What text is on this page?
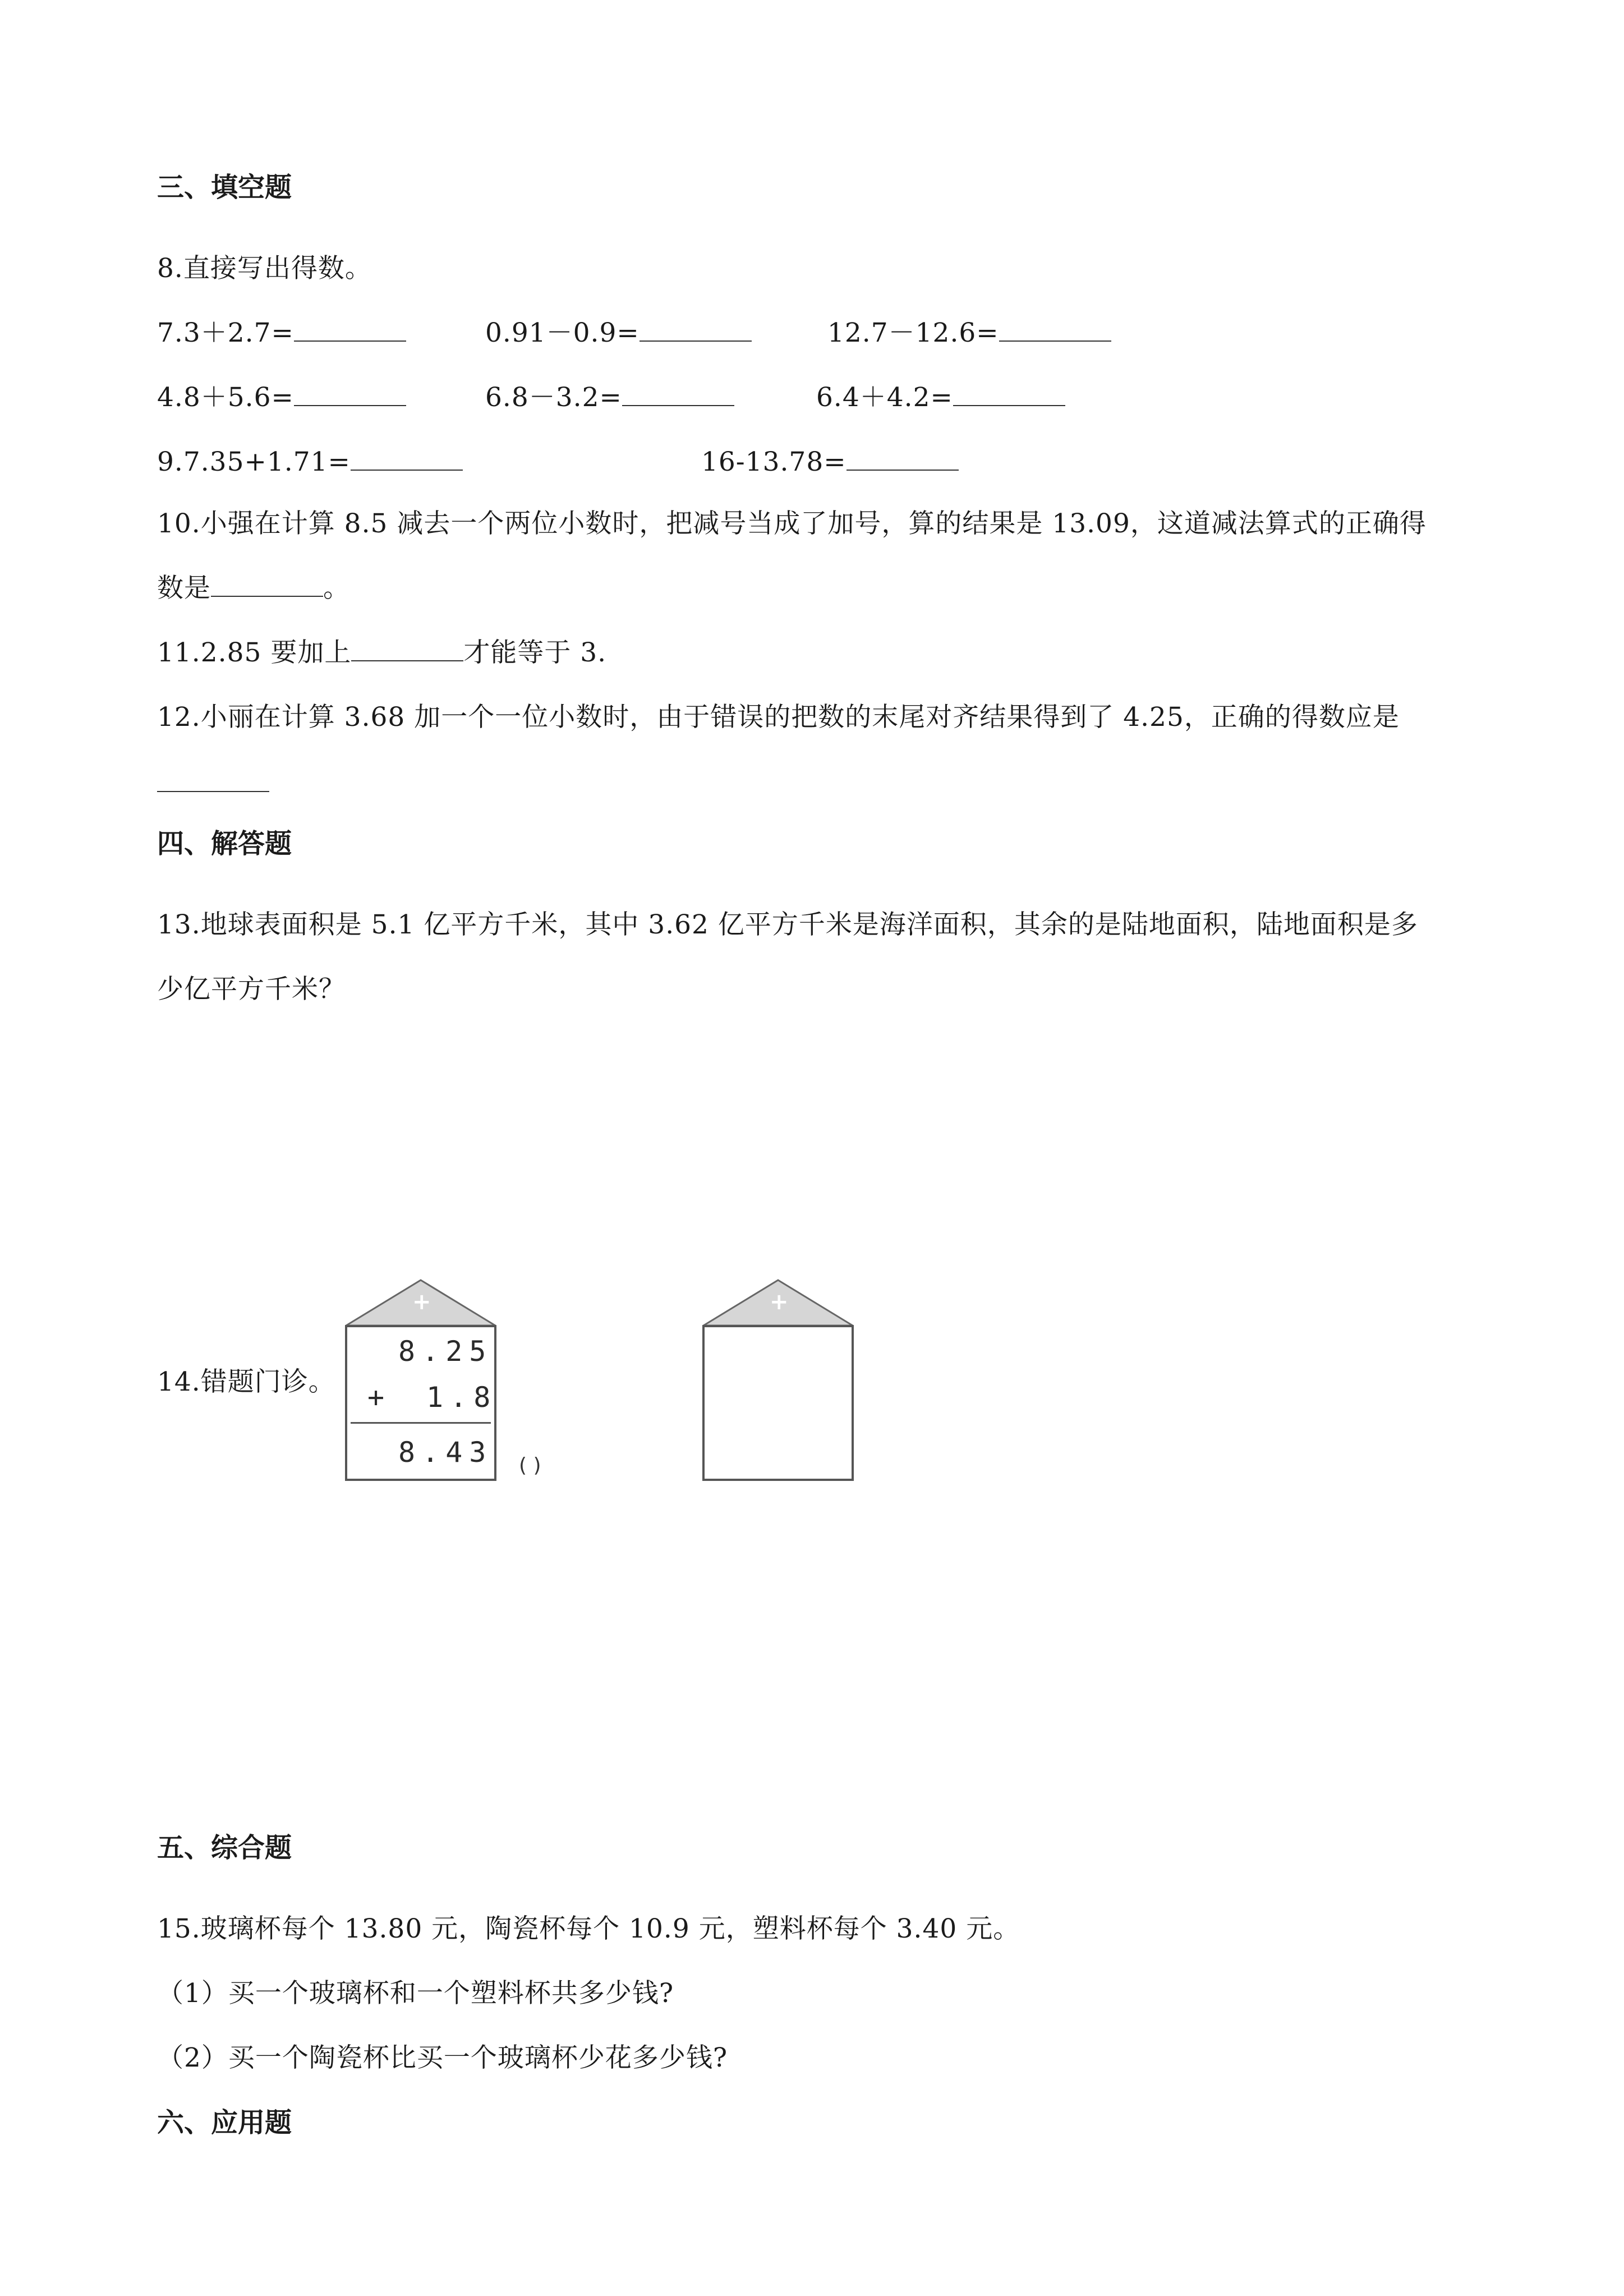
三、填空题
8.直接写出得数。
7.3＋2.7=	0.91－0.9=	12.7－12.6=
4.8＋5.6=	6.8－3.2=	6.4＋4.2=
9.7.35+1.71=	16-13.78=
10.小强在计算 8.5 减去一个两位小数时，把减号当成了加号，算的结果是 13.09，这道减法算式的正确得
数是	。
11.2.85 要加上	才能等于 3.
12.小丽在计算 3.68 加一个一位小数时，由于错误的把数的末尾对齐结果得到了 4.25，正确的得数应是
四、解答题
13.地球表面积是 5.1 亿平方千米，其中 3.62 亿平方千米是海洋面积，其余的是陆地面积，陆地面积是多
少亿平方千米？
14.错题门诊。
+
8.25
+ 1.8
8.43 ( )
+
五、综合题
15.玻璃杯每个 13.80 元，陶瓷杯每个 10.9 元，塑料杯每个 3.40 元。
（1）买一个玻璃杯和一个塑料杯共多少钱?
（2）买一个陶瓷杯比买一个玻璃杯少花多少钱?
六、应用题
